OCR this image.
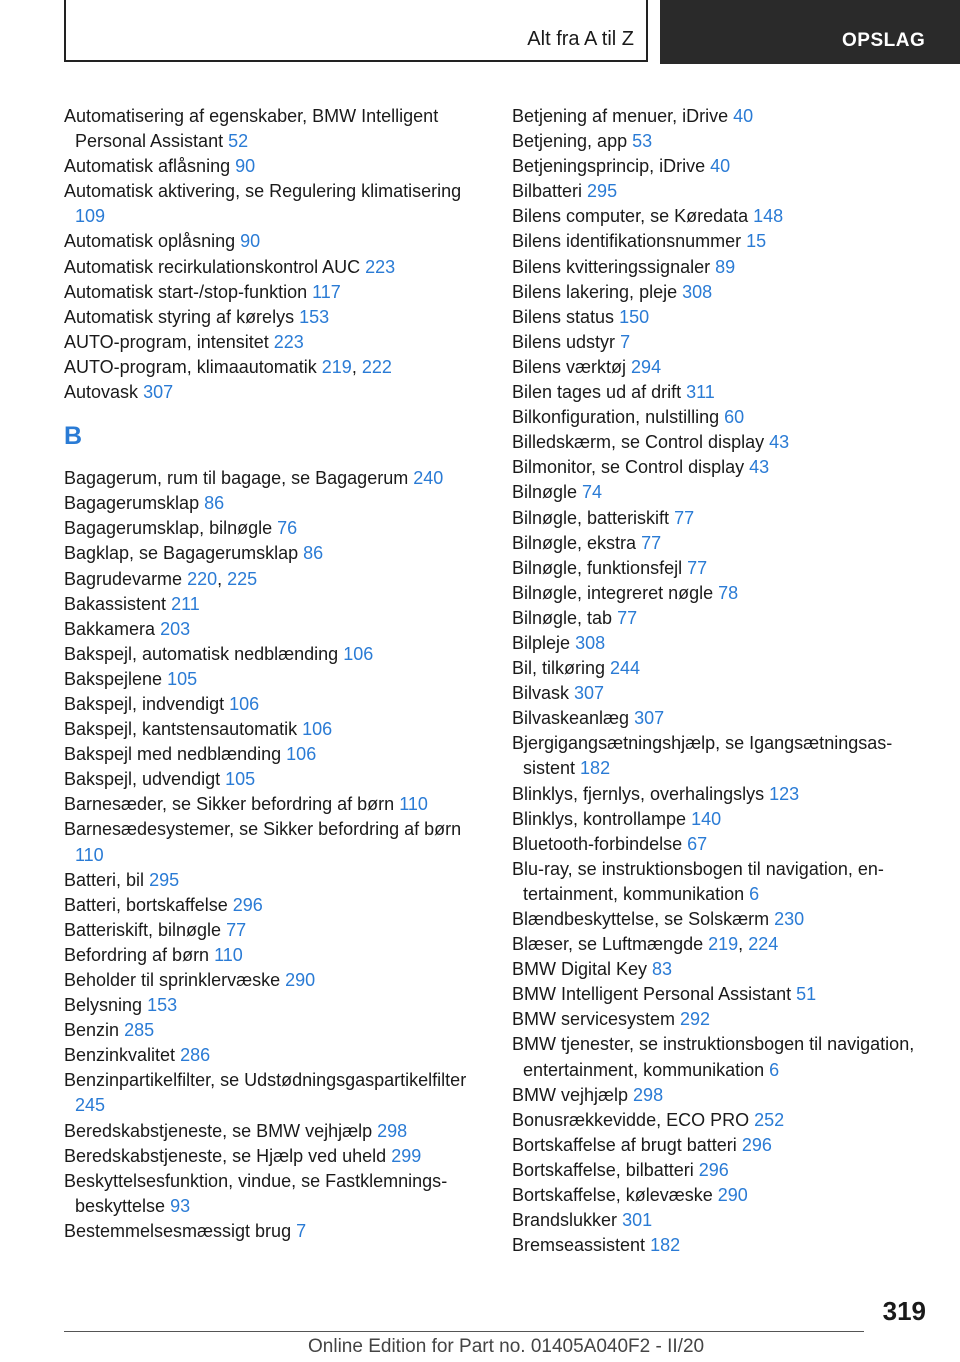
Alt fra A til Z	OPSLAG
Automatisering af egenskaber, BMW Intelligent Personal Assistant 52
Automatisk aflåsning 90
Automatisk aktivering, se Regulering klimatisering 109
Automatisk oplåsning 90
Automatisk recirkulationskontrol AUC 223
Automatisk start-/stop-funktion 117
Automatisk styring af kørelys 153
AUTO-program, intensitet 223
AUTO-program, klimaautomatik 219, 222
Autovask 307
B
Bagagerum, rum til bagage, se Bagagerum 240
Bagagerumsklap 86
Bagagerumsklap, bilnøgle 76
Bagklap, se Bagagerumsklap 86
Bagrudevarme 220, 225
Bakassistent 211
Bakkamera 203
Bakspejl, automatisk nedblænding 106
Bakspejlene 105
Bakspejl, indvendigt 106
Bakspejl, kantstensautomatik 106
Bakspejl med nedblænding 106
Bakspejl, udvendigt 105
Barnesæder, se Sikker befordring af børn 110
Barnesædesystemer, se Sikker befordring af børn 110
Batteri, bil 295
Batteri, bortskaffelse 296
Batteriskift, bilnøgle 77
Befordring af børn 110
Beholder til sprinklervæske 290
Belysning 153
Benzin 285
Benzinkvalitet 286
Benzinpartikelfilter, se Udstødningsgaspartikelfilter 245
Beredskabstjeneste, se BMW vejhjælp 298
Beredskabstjeneste, se Hjælp ved uheld 299
Beskyttelsesfunktion, vindue, se Fastklemningsbeskyttelse 93
Bestemmelsesmæssigt brug 7
Betjening af menuer, iDrive 40
Betjening, app 53
Betjeningsprincip, iDrive 40
Bilbatteri 295
Bilens computer, se Køredata 148
Bilens identifikationsnummer 15
Bilens kvitteringssignaler 89
Bilens lakering, pleje 308
Bilens status 150
Bilens udstyr 7
Bilens værktøj 294
Bilen tages ud af drift 311
Bilkonfiguration, nulstilling 60
Billedskærm, se Control display 43
Bilmonitor, se Control display 43
Bilnøgle 74
Bilnøgle, batteriskift 77
Bilnøgle, ekstra 77
Bilnøgle, funktionsfejl 77
Bilnøgle, integreret nøgle 78
Bilnøgle, tab 77
Bilpleje 308
Bil, tilkøring 244
Bilvask 307
Bilvaskeanlæg 307
Bjergigangsætningshjælp, se Igangsætningsassistent 182
Blinklys, fjernlys, overhalingslys 123
Blinklys, kontrollampe 140
Bluetooth-forbindelse 67
Blu-ray, se instruktionsbogen til navigation, entertainment, kommunikation 6
Blændbeskyttelse, se Solskærm 230
Blæser, se Luftmængde 219, 224
BMW Digital Key 83
BMW Intelligent Personal Assistant 51
BMW servicesystem 292
BMW tjenester, se instruktionsbogen til navigation, entertainment, kommunikation 6
BMW vejhjælp 298
Bonusrækkevidde, ECO PRO 252
Bortskaffelse af brugt batteri 296
Bortskaffelse, bilbatteri 296
Bortskaffelse, kølevæske 290
Brandslukker 301
Bremseassistent 182
319
Online Edition for Part no. 01405A040F2 - II/20
